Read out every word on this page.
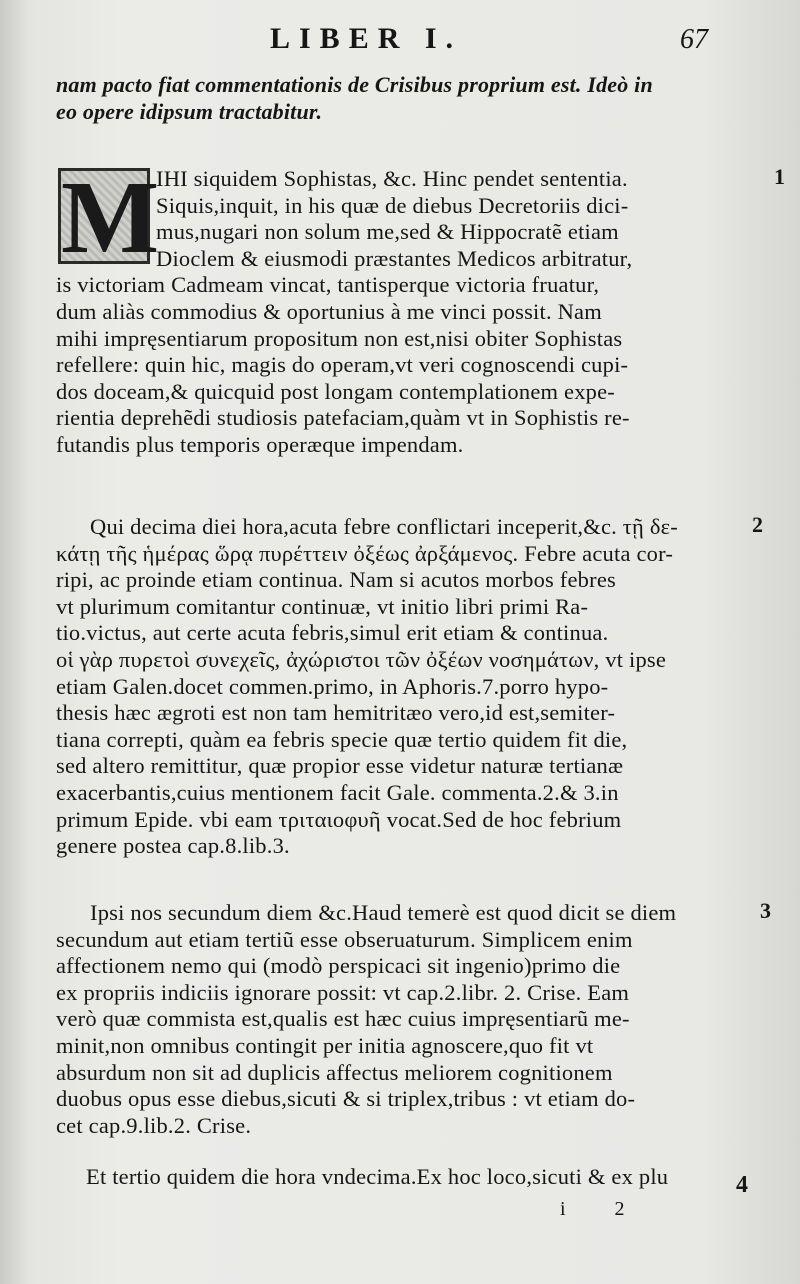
LIBER I.	67
nam pacto fiat commentationis de Crisibus proprium est. Ideò in
eo opere idipsum tractabitur.
M	1
IHI siquidem Sophistas, &c. Hinc pendet sententia.
Siquis,inquit, in his quæ de diebus Decretoriis dici-
mus,nugari non solum me,sed & Hippocratẽ etiam
Dioclem & eiusmodi præstantes Medicos arbitratur,
is victoriam Cadmeam vincat, tantisperque victoria fruatur,
dum aliàs commodius & oportunius à me vinci possit. Nam
mihi impręsentiarum propositum non est,nisi obiter Sophistas
refellere: quin hic, magis do operam,vt veri cognoscendi cupi-
dos doceam,& quicquid post longam contemplationem expe-
rientia deprehẽdi studiosis patefaciam,quàm vt in Sophistis re-
futandis plus temporis operæque impendam.
2
Qui decima diei hora,acuta febre conflictari inceperit,&c. τῇ δε-
κάτῃ τῆς ἡμέρας ὥρᾳ πυρέττειν ὀξέως ἀρξάμενος. Febre acuta cor-
ripi, ac proinde etiam continua. Nam si acutos morbos febres
vt plurimum comitantur continuæ, vt initio libri primi Ra-
tio.victus, aut certe acuta febris,simul erit etiam & continua.
οἱ γὰρ πυρετοὶ συνεχεῖς, ἀχώριστοι τῶν ὀξέων νοσημάτων, vt ipse
etiam Galen.docet commen.primo, in Aphoris.7.porro hypo-
thesis hæc ægroti est non tam hemitritæo vero,id est,semiter-
tiana correpti, quàm ea febris specie quæ tertio quidem fit die,
sed altero remittitur, quæ propior esse videtur naturæ tertianæ
exacerbantis,cuius mentionem facit Gale. commenta.2.& 3.in
primum Epide. vbi eam τριταιοφυῆ vocat.Sed de hoc febrium
genere postea cap.8.lib.3.
3
Ipsi nos secundum diem &c.Haud temerè est quod dicit se diem
secundum aut etiam tertiũ esse obseruaturum. Simplicem enim
affectionem nemo qui (modò perspicaci sit ingenio)primo die
ex propriis indiciis ignorare possit: vt cap.2.libr. 2. Crise. Eam
verò quæ commista est,qualis est hæc cuius impręsentiarũ me-
minit,non omnibus contingit per initia agnoscere,quo fit vt
absurdum non sit ad duplicis affectus meliorem cognitionem
duobus opus esse diebus,sicuti & si triplex,tribus : vt etiam do-
cet cap.9.lib.2. Crise.
4
Et tertio quidem die hora vndecima.Ex hoc loco,sicuti & ex plu
i 2
